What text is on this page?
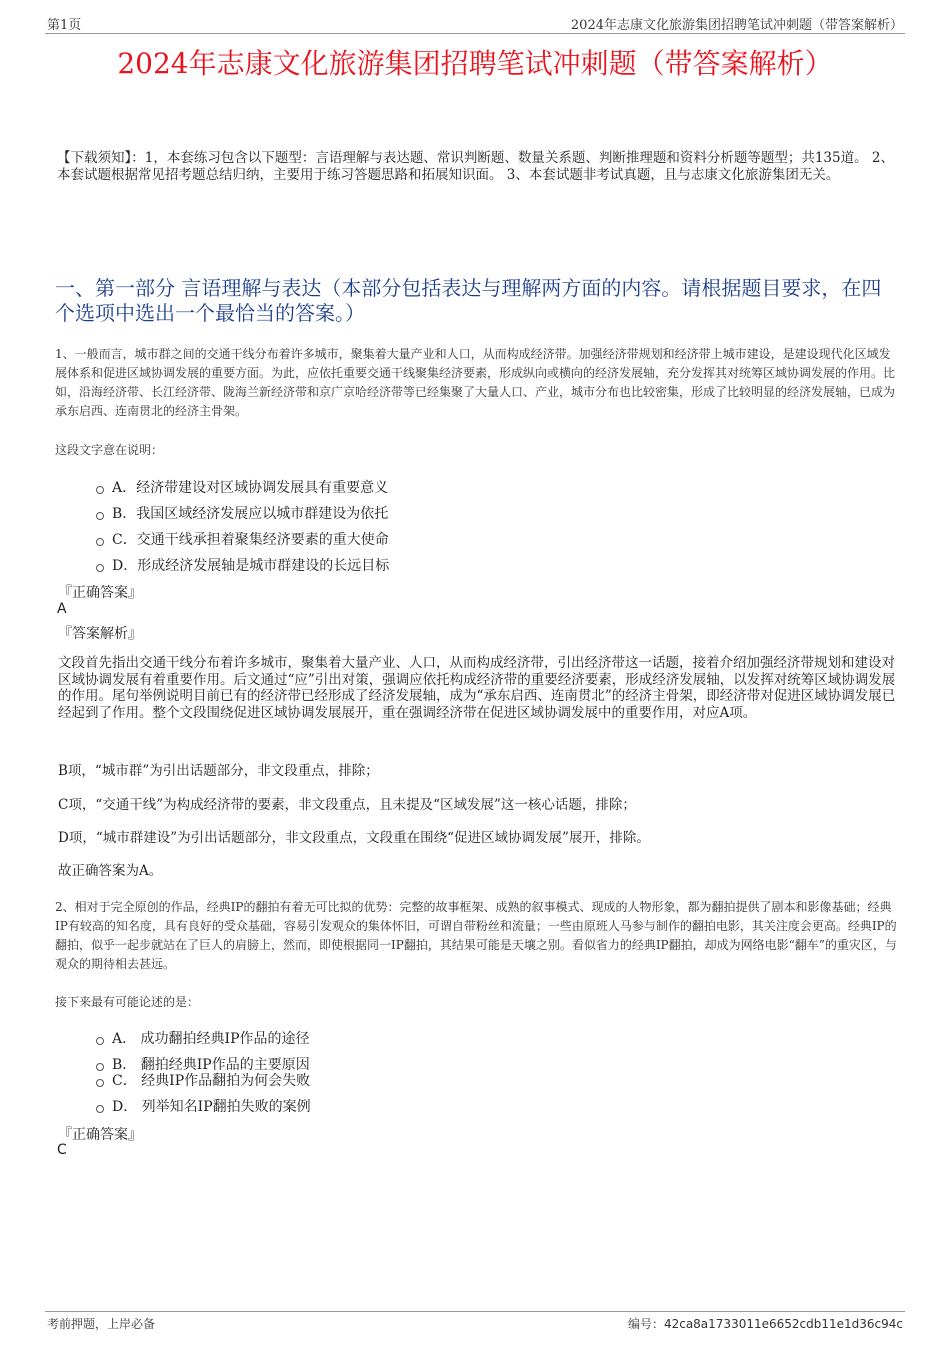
第1页	2024年志康文化旅游集团招聘笔试冲刺题（带答案解析）
2024年志康文化旅游集团招聘笔试冲刺题（带答案解析）
【下载须知】：1，本套练习包含以下题型：言语理解与表达题、常识判断题、数量关系题、判断推理题和资料分析题等题型；共135道。 2、本套试题根据常见招考题总结归纳，主要用于练习答题思路和拓展知识面。 3、本套试题非考试真题，且与志康文化旅游集团无关。
一、第一部分 言语理解与表达（本部分包括表达与理解两方面的内容。请根据题目要求，在四个选项中选出一个最恰当的答案。）
1、一般而言，城市群之间的交通干线分布着许多城市，聚集着大量产业和人口，从而构成经济带。加强经济带规划和经济带上城市建设，是建设现代化区域发展体系和促进区域协调发展的重要方面。为此，应依托重要交通干线聚集经济要素，形成纵向或横向的经济发展轴，充分发挥其对统筹区域协调发展的作用。比如，沿海经济带、长江经济带、陇海兰新经济带和京广京哈经济带等已经集聚了大量人口、产业，城市分布也比较密集，形成了比较明显的经济发展轴，已成为承东启西、连南贯北的经济主骨架。
这段文字意在说明：
A．经济带建设对区域协调发展具有重要意义
B．我国区域经济发展应以城市群建设为依托
C．交通干线承担着聚集经济要素的重大使命
D．形成经济发展轴是城市群建设的长远目标
『正确答案』
A
『答案解析』
文段首先指出交通干线分布着许多城市，聚集着大量产业、人口，从而构成经济带，引出经济带这一话题，接着介绍加强经济带规划和建设对区域协调发展有着重要作用。后文通过“应”引出对策，强调应依托构成经济带的重要经济要素，形成经济发展轴，以发挥对统筹区域协调发展的作用。尾句举例说明目前已有的经济带已经形成了经济发展轴，成为“承东启西、连南贯北”的经济主骨架，即经济带对促进区域协调发展已经起到了作用。整个文段围绕促进区域协调发展展开，重在强调经济带在促进区域协调发展中的重要作用，对应A项。
B项，“城市群”为引出话题部分，非文段重点，排除；
C项，“交通干线”为构成经济带的要素，非文段重点，且未提及“区域发展”这一核心话题，排除；
D项，“城市群建设”为引出话题部分，非文段重点，文段重在围绕“促进区域协调发展”展开，排除。
故正确答案为A。
2、相对于完全原创的作品，经典IP的翻拍有着无可比拟的优势：完整的故事框架、成熟的叙事模式、现成的人物形象，都为翻拍提供了剧本和影像基础；经典IP有较高的知名度，具有良好的受众基础，容易引发观众的集体怀旧，可谓自带粉丝和流量；一些由原班人马参与制作的翻拍电影，其关注度会更高。经典IP的翻拍，似乎一起步就站在了巨人的肩膀上，然而，即使根据同一IP翻拍，其结果可能是天壤之别。看似省力的经典IP翻拍，却成为网络电影“翻车”的重灾区，与观众的期待相去甚远。
接下来最有可能论述的是：
A． 成功翻拍经典IP作品的途径
B． 翻拍经典IP作品的主要原因
C． 经典IP作品翻拍为何会失败
D． 列举知名IP翻拍失败的案例
『正确答案』
C
考前押题，上岸必备	编号：42ca8a1733011e6652cdb11e1d36c94c
